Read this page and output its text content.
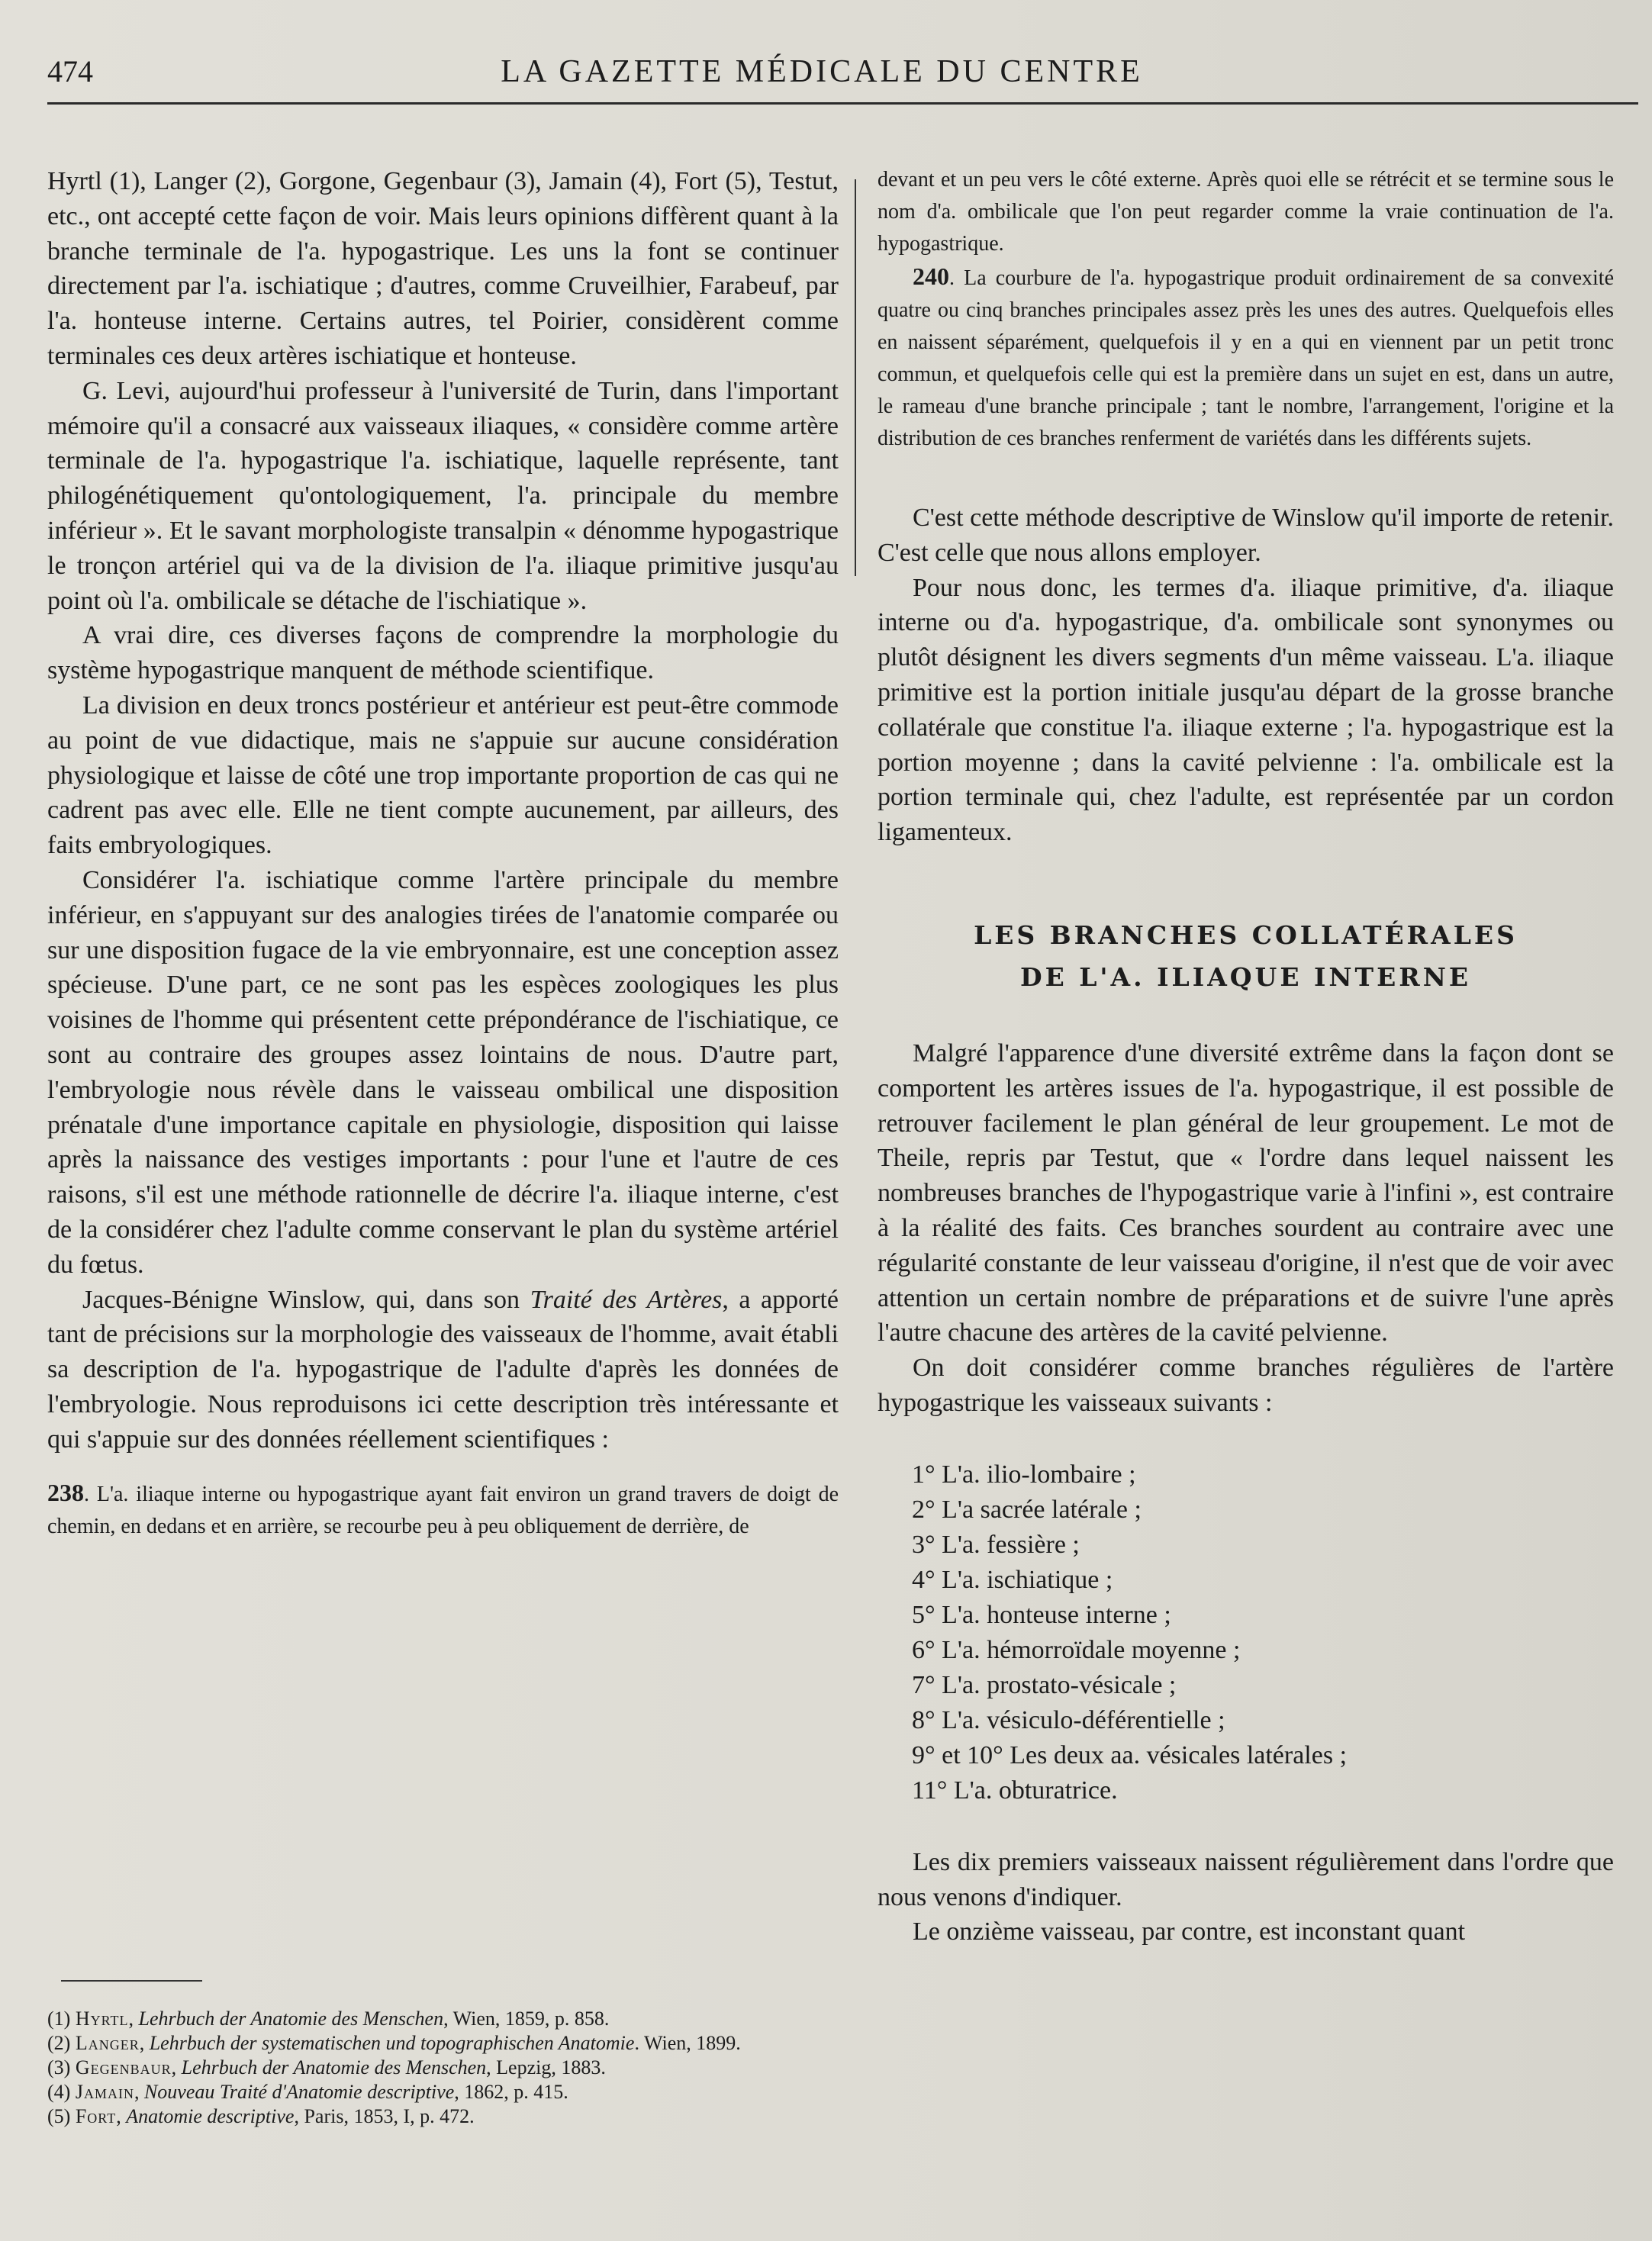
474	LA GAZETTE MÉDICALE DU CENTRE

Hyrtl (1), Langer (2), Gorgone, Gegenbaur (3), Jamain (4), Fort (5), Testut, etc., ont accepté cette façon de voir. Mais leurs opinions diffèrent quant à la branche terminale de l'a. hypogastrique. Les uns la font se continuer directement par l'a. ischiatique ; d'autres, comme Cruveilhier, Farabeuf, par l'a. honteuse interne. Certains autres, tel Poirier, considèrent comme terminales ces deux artères ischiatique et honteuse.

G. Levi, aujourd'hui professeur à l'université de Turin, dans l'important mémoire qu'il a consacré aux vaisseaux iliaques, « considère comme artère terminale de l'a. hypogastrique l'a. ischiatique, laquelle représente, tant philogénétiquement qu'ontologiquement, l'a. principale du membre inférieur ». Et le savant morphologiste transalpin « dénomme hypogastrique le tronçon artériel qui va de la division de l'a. iliaque primitive jusqu'au point où l'a. ombilicale se détache de l'ischiatique ».

A vrai dire, ces diverses façons de comprendre la morphologie du système hypogastrique manquent de méthode scientifique.

La division en deux troncs postérieur et antérieur est peut-être commode au point de vue didactique, mais ne s'appuie sur aucune considération physiologique et laisse de côté une trop importante proportion de cas qui ne cadrent pas avec elle. Elle ne tient compte aucunement, par ailleurs, des faits embryologiques.

Considérer l'a. ischiatique comme l'artère principale du membre inférieur, en s'appuyant sur des analogies tirées de l'anatomie comparée ou sur une disposition fugace de la vie embryonnaire, est une conception assez spécieuse. D'une part, ce ne sont pas les espèces zoologiques les plus voisines de l'homme qui présentent cette prépondérance de l'ischiatique, ce sont au contraire des groupes assez lointains de nous. D'autre part, l'embryologie nous révèle dans le vaisseau ombilical une disposition prénatale d'une importance capitale en physiologie, disposition qui laisse après la naissance des vestiges importants : pour l'une et l'autre de ces raisons, s'il est une méthode rationnelle de décrire l'a. iliaque interne, c'est de la considérer chez l'adulte comme conservant le plan du système artériel du fœtus.

Jacques-Bénigne Winslow, qui, dans son Traité des Artères, a apporté tant de précisions sur la morphologie des vaisseaux de l'homme, avait établi sa description de l'a. hypogastrique de l'adulte d'après les données de l'embryologie. Nous reproduisons ici cette description très intéressante et qui s'appuie sur des données réellement scientifiques :

238. L'a. iliaque interne ou hypogastrique ayant fait environ un grand travers de doigt de chemin, en dedans et en arrière, se recourbe peu à peu obliquement de derrière, de

(1) Hyrtl, Lehrbuch der Anatomie des Menschen, Wien, 1859, p. 858.

(2) Langer, Lehrbuch der systematischen und topographischen Anatomie. Wien, 1899.

(3) Gegenbaur, Lehrbuch der Anatomie des Menschen, Lepzig, 1883.

(4) Jamain, Nouveau Traité d'Anatomie descriptive, 1862, p. 415.

(5) Fort, Anatomie descriptive, Paris, 1853, I, p. 472.

devant et un peu vers le côté externe. Après quoi elle se rétrécit et se termine sous le nom d'a. ombilicale que l'on peut regarder comme la vraie continuation de l'a. hypogastrique.

240. La courbure de l'a. hypogastrique produit ordinairement de sa convexité quatre ou cinq branches principales assez près les unes des autres. Quelquefois elles en naissent séparément, quelquefois il y en a qui en viennent par un petit tronc commun, et quelquefois celle qui est la première dans un sujet en est, dans un autre, le rameau d'une branche principale ; tant le nombre, l'arrangement, l'origine et la distribution de ces branches renferment de variétés dans les différents sujets.

C'est cette méthode descriptive de Winslow qu'il importe de retenir. C'est celle que nous allons employer.

Pour nous donc, les termes d'a. iliaque primitive, d'a. iliaque interne ou d'a. hypogastrique, d'a. ombilicale sont synonymes ou plutôt désignent les divers segments d'un même vaisseau. L'a. iliaque primitive est la portion initiale jusqu'au départ de la grosse branche collatérale que constitue l'a. iliaque externe ; l'a. hypogastrique est la portion moyenne ; dans la cavité pelvienne : l'a. ombilicale est la portion terminale qui, chez l'adulte, est représentée par un cordon ligamenteux.

LES BRANCHES COLLATÉRALES

DE L'A. ILIAQUE INTERNE

Malgré l'apparence d'une diversité extrême dans la façon dont se comportent les artères issues de l'a. hypogastrique, il est possible de retrouver facilement le plan général de leur groupement. Le mot de Theile, repris par Testut, que « l'ordre dans lequel naissent les nombreuses branches de l'hypogastrique varie à l'infini », est contraire à la réalité des faits. Ces branches sourdent au contraire avec une régularité constante de leur vaisseau d'origine, il n'est que de voir avec attention un certain nombre de préparations et de suivre l'une après l'autre chacune des artères de la cavité pelvienne.

On doit considérer comme branches régulières de l'artère hypogastrique les vaisseaux suivants :

1° L'a. ilio-lombaire ;
2° L'a sacrée latérale ;
3° L'a. fessière ;
4° L'a. ischiatique ;
5° L'a. honteuse interne ;
6° L'a. hémorroïdale moyenne ;
7° L'a. prostato-vésicale ;
8° L'a. vésiculo-déférentielle ;
9° et 10° Les deux aa. vésicales latérales ;
11° L'a. obturatrice.

Les dix premiers vaisseaux naissent régulièrement dans l'ordre que nous venons d'indiquer.

Le onzième vaisseau, par contre, est inconstant quant
